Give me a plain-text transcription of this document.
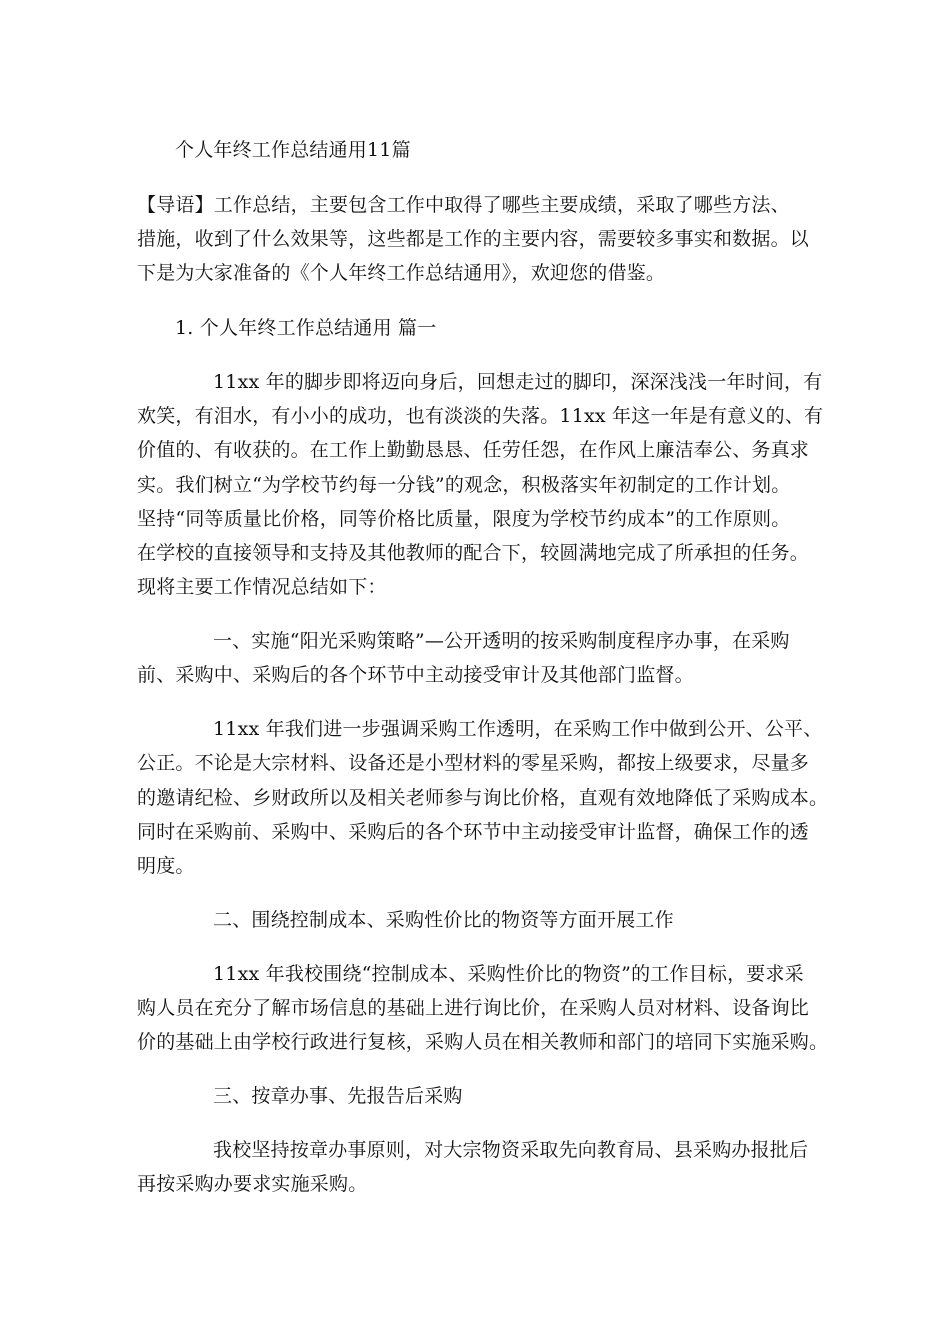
个人年终工作总结通用11篇
【导语】工作总结，主要包含工作中取得了哪些主要成绩，采取了哪些方法、
措施，收到了什么效果等，这些都是工作的主要内容，需要较多事实和数据。以
下是为大家准备的《个人年终工作总结通用》，欢迎您的借鉴。
1. 个人年终工作总结通用 篇一
11xx 年的脚步即将迈向身后，回想走过的脚印，深深浅浅一年时间，有
欢笑，有泪水，有小小的成功，也有淡淡的失落。11xx 年这一年是有意义的、有
价值的、有收获的。在工作上勤勤恳恳、任劳任怨，在作风上廉洁奉公、务真求
实。我们树立“为学校节约每一分钱”的观念，积极落实年初制定的工作计划。
坚持“同等质量比价格，同等价格比质量，限度为学校节约成本”的工作原则。
在学校的直接领导和支持及其他教师的配合下，较圆满地完成了所承担的任务。
现将主要工作情况总结如下：
一、实施“阳光采购策略”—公开透明的按采购制度程序办事，在采购
前、采购中、采购后的各个环节中主动接受审计及其他部门监督。
11xx 年我们进一步强调采购工作透明，在采购工作中做到公开、公平、
公正。不论是大宗材料、设备还是小型材料的零星采购，都按上级要求，尽量多
的邀请纪检、乡财政所以及相关老师参与询比价格，直观有效地降低了采购成本。
同时在采购前、采购中、采购后的各个环节中主动接受审计监督，确保工作的透
明度。
二、围绕控制成本、采购性价比的物资等方面开展工作
11xx 年我校围绕“控制成本、采购性价比的物资”的工作目标，要求采
购人员在充分了解市场信息的基础上进行询比价，在采购人员对材料、设备询比
价的基础上由学校行政进行复核，采购人员在相关教师和部门的培同下实施采购。
三、按章办事、先报告后采购
我校坚持按章办事原则，对大宗物资采取先向教育局、县采购办报批后
再按采购办要求实施采购。
